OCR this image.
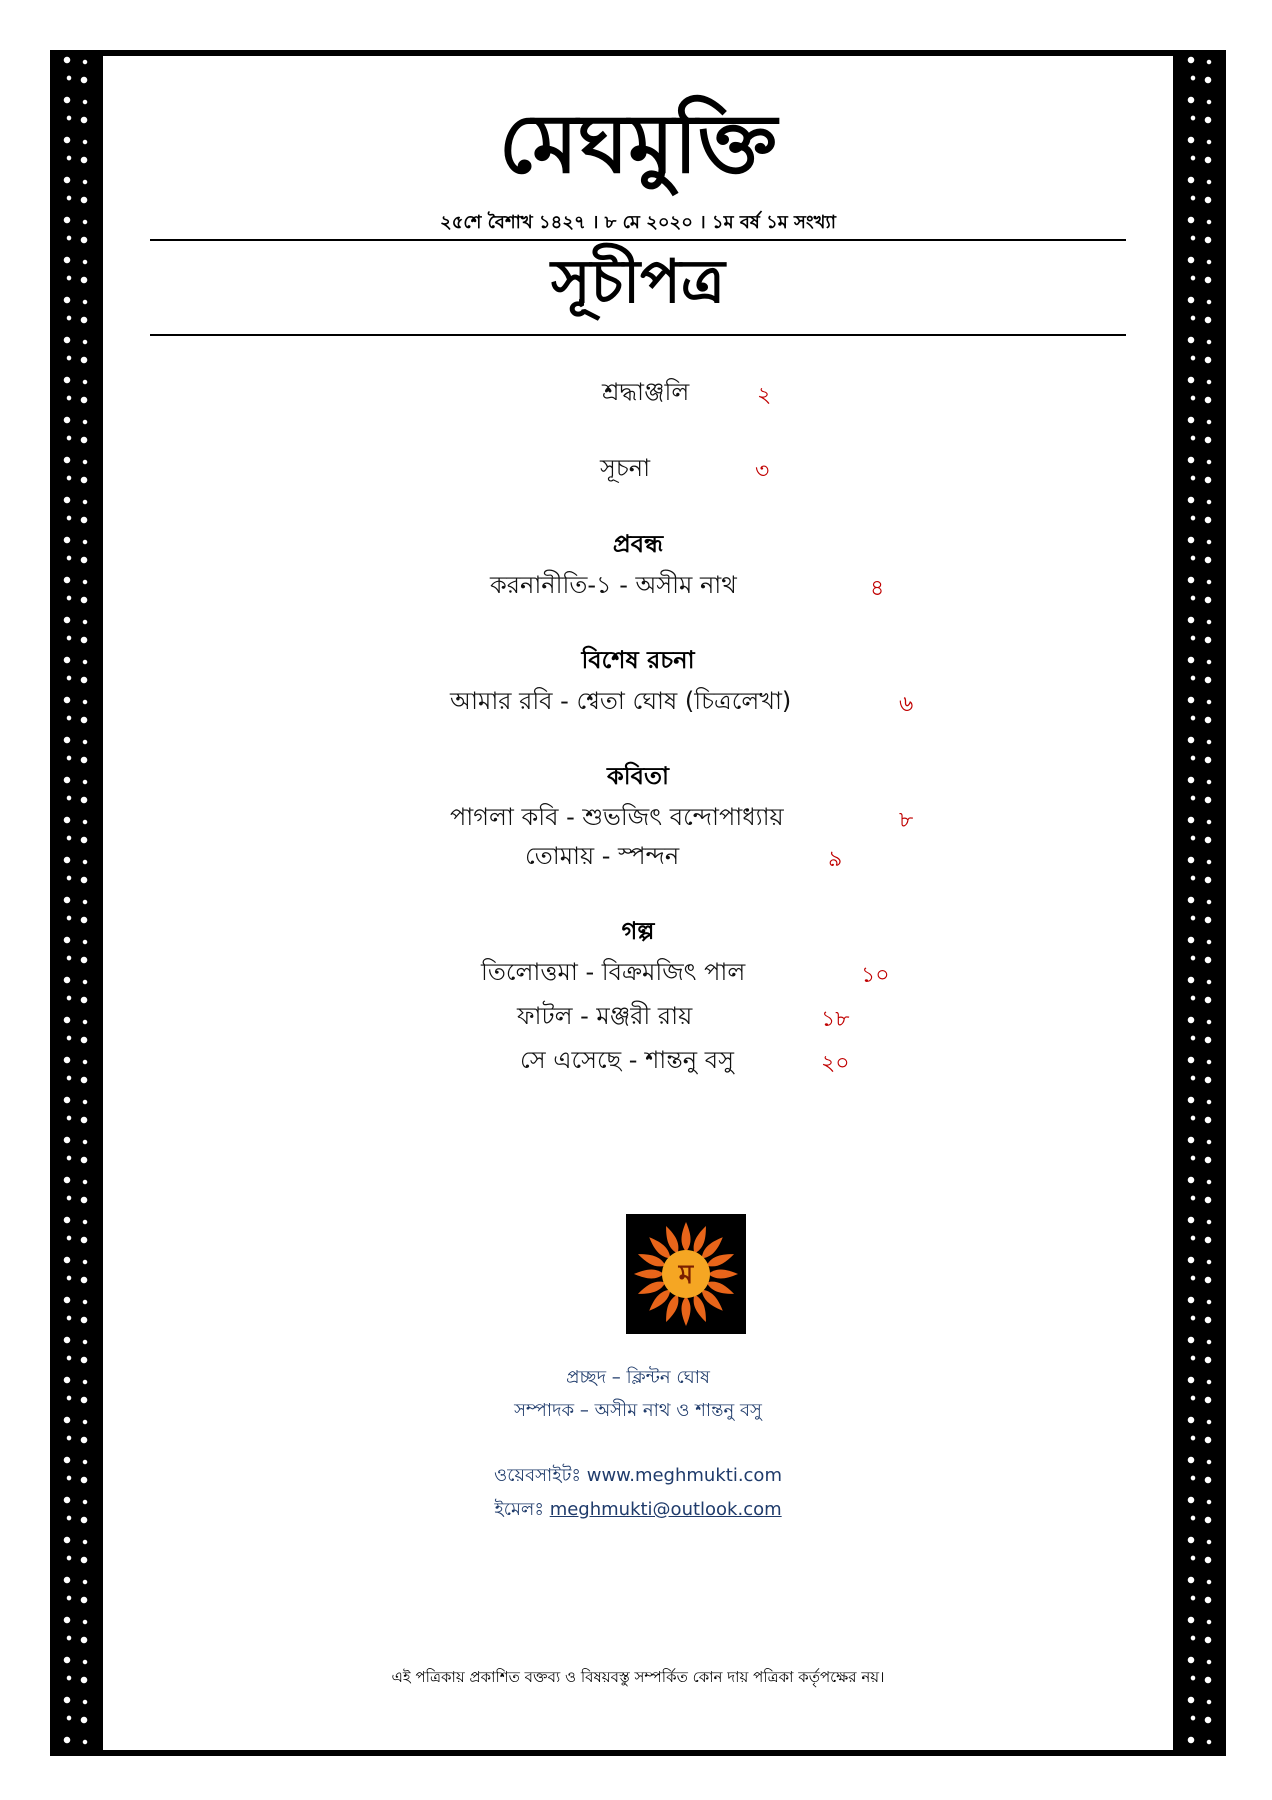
মেঘমুক্তি
২৫শে বৈশাখ ১৪২৭ । ৮ মে ২০২০ । ১ম বর্ষ ১ম সংখ্যা
সূচীপত্র
শ্রদ্ধাঞ্জলি	২
সূচনা	৩
প্রবন্ধ
করনানীতি-১ - অসীম নাথ	৪
বিশেষ রচনা
আমার রবি - শ্বেতা ঘোষ (চিত্রলেখা)	৬
কবিতা
পাগলা কবি - শুভজিৎ বন্দোপাধ্যায়	৮
তোমায় - স্পন্দন	৯
গল্প
তিলোত্তমা - বিক্রমজিৎ পাল	১০
ফাটল - মঞ্জরী রায়	১৮
সে এসেছে - শান্তনু বসু	২০
ম
প্রচ্ছদ – ক্লিন্টন ঘোষ
সম্পাদক – অসীম নাথ ও শান্তনু বসু
ওয়েবসাইটঃ www.meghmukti.com
ইমেলঃ meghmukti@outlook.com
এই পত্রিকায় প্রকাশিত বক্তব্য ও বিষয়বস্তু সম্পর্কিত কোন দায় পত্রিকা কর্তৃপক্ষের নয়।
